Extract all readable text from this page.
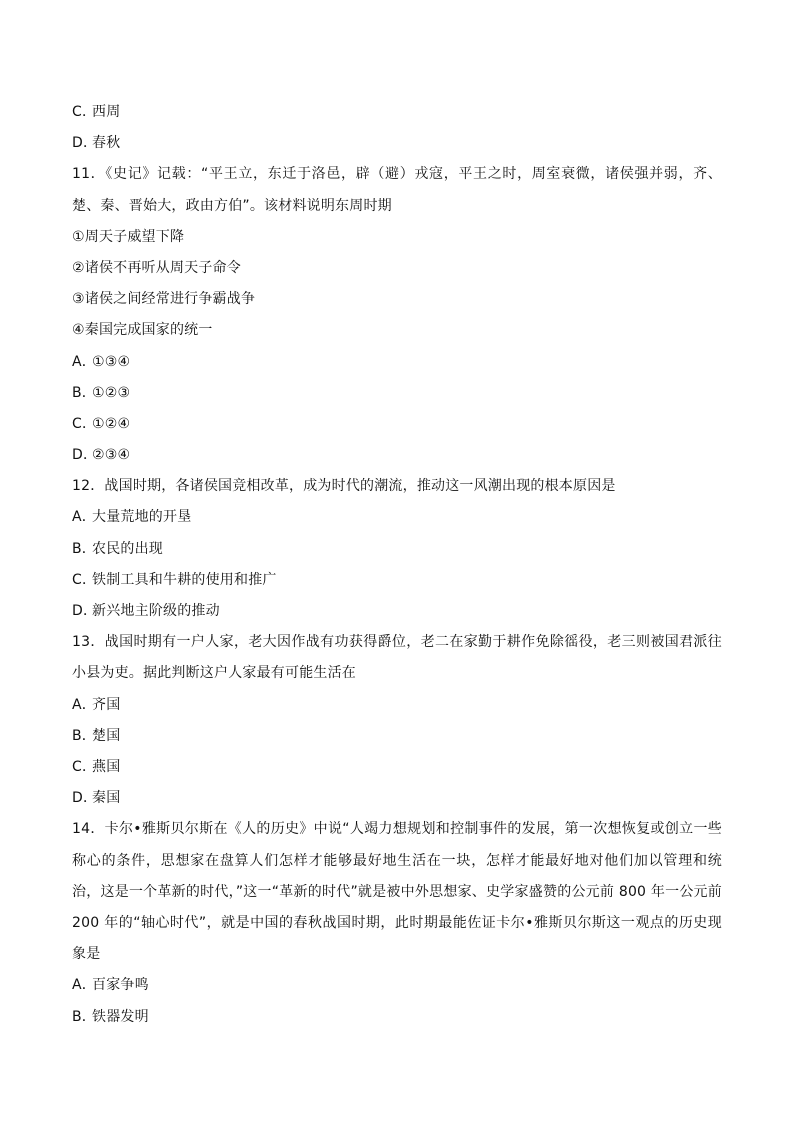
C．西周
D．春秋
11．《史记》记载：“平王立，东迁于洛邑，辟（避）戎寇，平王之时，周室衰微，诸侯强并弱，齐、楚、秦、晋始大，政由方伯”。该材料说明东周时期
①周天子威望下降
②诸侯不再听从周天子命令
③诸侯之间经常进行争霸战争
④秦国完成国家的统一
A．①③④
B．①②③
C．①②④
D．②③④
12．战国时期，各诸侯国竞相改革，成为时代的潮流，推动这一风潮出现的根本原因是
A．大量荒地的开垦
B．农民的出现
C．铁制工具和牛耕的使用和推广
D．新兴地主阶级的推动
13．战国时期有一户人家，老大因作战有功获得爵位，老二在家勤于耕作免除徭役，老三则被国君派往小县为吏。据此判断这户人家最有可能生活在
A．齐国
B．楚国
C．燕国
D．秦国
14．卡尔•雅斯贝尔斯在《人的历史》中说“人竭力想规划和控制事件的发展，第一次想恢复或创立一些称心的条件，思想家在盘算人们怎样才能够最好地生活在一块，怎样才能最好地对他们加以管理和统治，这是一个革新的时代，”这一“革新的时代”就是被中外思想家、史学家盛赞的公元前 800 年一公元前 200 年的“轴心时代”，就是中国的春秋战国时期，此时期最能佐证卡尔•雅斯贝尔斯这一观点的历史现象是
A．百家争鸣
B．铁器发明
